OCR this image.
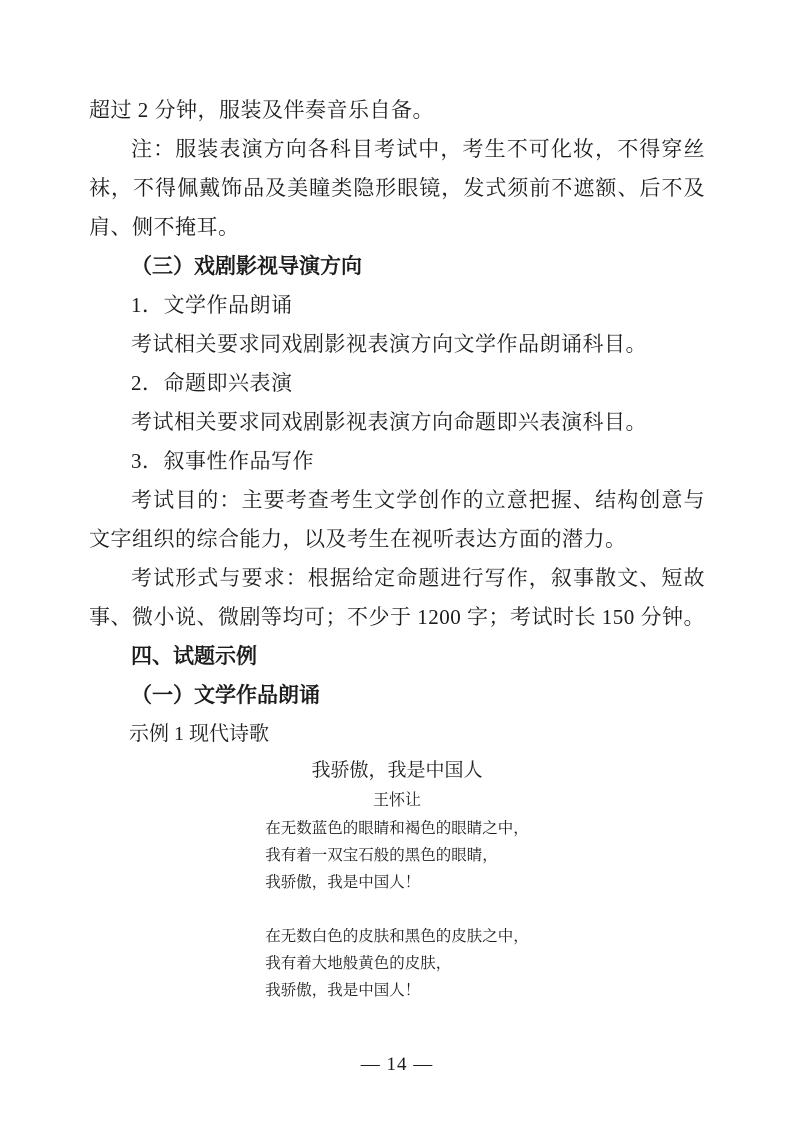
超过 2 分钟，服装及伴奏音乐自备。

注：服装表演方向各科目考试中，考生不可化妆，不得穿丝袜，不得佩戴饰品及美瞳类隐形眼镜，发式须前不遮额、后不及肩、侧不掩耳。

（三）戏剧影视导演方向

1．文学作品朗诵

考试相关要求同戏剧影视表演方向文学作品朗诵科目。

2．命题即兴表演

考试相关要求同戏剧影视表演方向命题即兴表演科目。

3．叙事性作品写作

考试目的：主要考查考生文学创作的立意把握、结构创意与文字组织的综合能力，以及考生在视听表达方面的潜力。

考试形式与要求：根据给定命题进行写作，叙事散文、短故事、微小说、微剧等均可；不少于 1200 字；考试时长 150 分钟。

四、试题示例
（一）文学作品朗诵

示例 1 现代诗歌

我骄傲，我是中国人
王怀让
在无数蓝色的眼睛和褐色的眼睛之中，
我有着一双宝石般的黑色的眼睛，
我骄傲，我是中国人！
在无数白色的皮肤和黑色的皮肤之中，
我有着大地般黄色的皮肤，
我骄傲，我是中国人！
— 14 —
